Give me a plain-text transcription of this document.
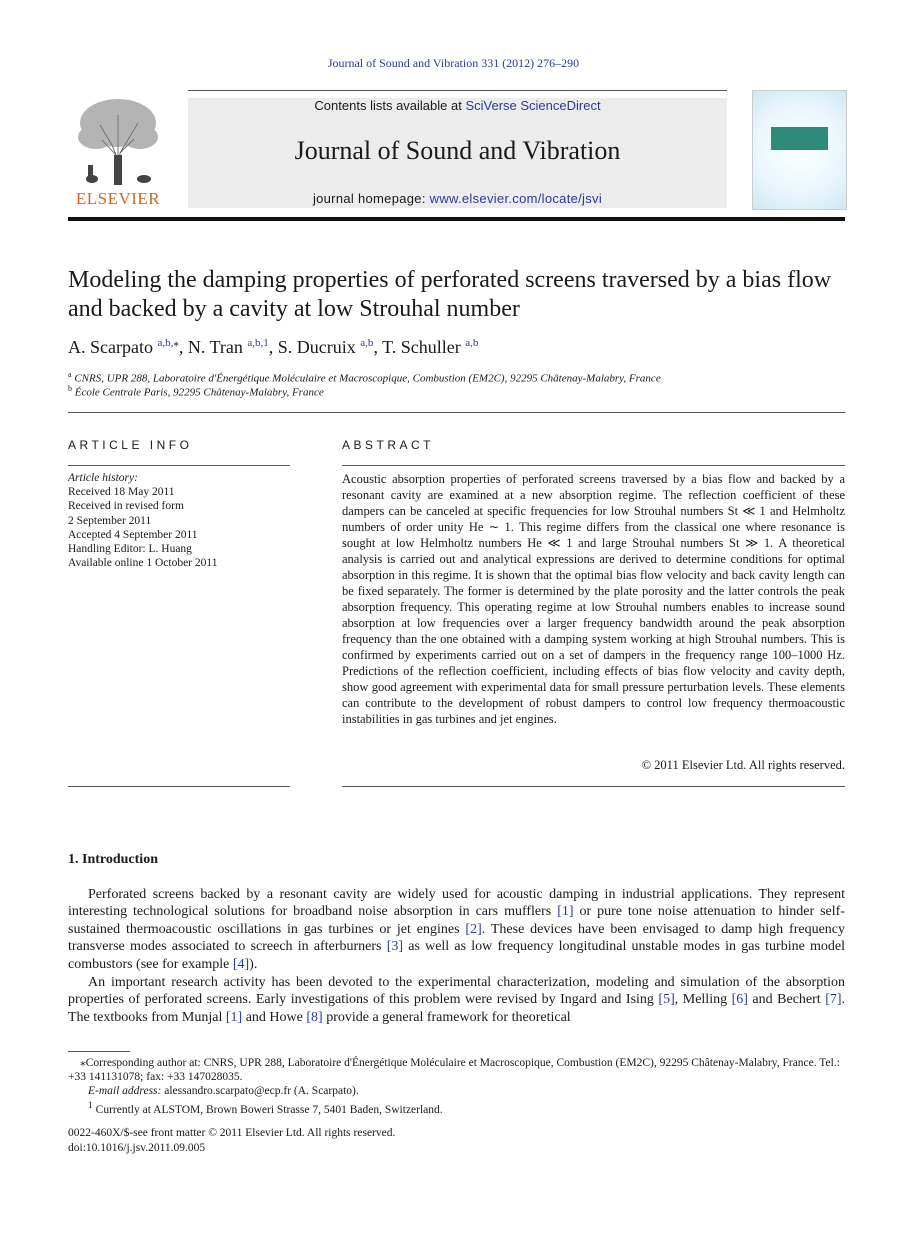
Journal of Sound and Vibration 331 (2012) 276–290
ELSEVIER
Contents lists available at SciVerse ScienceDirect
Journal of Sound and Vibration
journal homepage: www.elsevier.com/locate/jsvi
Modeling the damping properties of perforated screens traversed by a bias flow and backed by a cavity at low Strouhal number
A. Scarpato $^{a,b,⁎}$, N. Tran $^{a,b,1}$, S. Ducruix $^{a,b}$, T. Schuller $^{a,b}$
$^a$ CNRS, UPR 288, Laboratoire d'Énergétique Moléculaire et Macroscopique, Combustion (EM2C), 92295 Châtenay-Malabry, France
$^b$ École Centrale Paris, 92295 Châtenay-Malabry, France
ARTICLE INFO
Article history:
Received 18 May 2011
Received in revised form
2 September 2011
Accepted 4 September 2011
Handling Editor: L. Huang
Available online 1 October 2011
ABSTRACT
Acoustic absorption properties of perforated screens traversed by a bias flow and backed by a resonant cavity are examined at a new absorption regime. The reflection coefficient of these dampers can be canceled at specific frequencies for low Strouhal numbers St ≪ 1 and Helmholtz numbers of order unity He ∼ 1. This regime differs from the classical one where resonance is sought at low Helmholtz numbers He ≪ 1 and large Strouhal numbers St ≫ 1. A theoretical analysis is carried out and analytical expressions are derived to determine conditions for optimal absorption in this regime. It is shown that the optimal bias flow velocity and back cavity length can be fixed separately. The former is determined by the plate porosity and the latter controls the peak absorption frequency. This operating regime at low Strouhal numbers enables to increase sound absorption at low frequencies over a larger frequency bandwidth around the peak absorption frequency than the one obtained with a damping system working at high Strouhal numbers. This is confirmed by experiments carried out on a set of dampers in the frequency range 100–1000 Hz. Predictions of the reflection coefficient, including effects of bias flow velocity and cavity depth, show good agreement with experimental data for small pressure perturbation levels. These elements can contribute to the development of robust dampers to control low frequency thermoacoustic instabilities in gas turbines and jet engines.
© 2011 Elsevier Ltd. All rights reserved.
1. Introduction
Perforated screens backed by a resonant cavity are widely used for acoustic damping in industrial applications. They represent interesting technological solutions for broadband noise absorption in cars mufflers [1] or pure tone noise attenuation to hinder self-sustained thermoacoustic oscillations in gas turbines or jet engines [2]. These devices have been envisaged to damp high frequency transverse modes associated to screech in afterburners [3] as well as low frequency longitudinal unstable modes in gas turbine model combustors (see for example [4]).
An important research activity has been devoted to the experimental characterization, modeling and simulation of the absorption properties of perforated screens. Early investigations of this problem were revised by Ingard and Ising [5], Melling [6] and Bechert [7]. The textbooks from Munjal [1] and Howe [8] provide a general framework for theoretical
⁎Corresponding author at: CNRS, UPR 288, Laboratoire d'Énergétique Moléculaire et Macroscopique, Combustion (EM2C), 92295 Châtenay-Malabry, France. Tel.: +33 141131078; fax: +33 147028035.
E-mail address: alessandro.scarpato@ecp.fr (A. Scarpato).
$^1$ Currently at ALSTOM, Brown Boweri Strasse 7, 5401 Baden, Switzerland.
0022-460X/$-see front matter © 2011 Elsevier Ltd. All rights reserved.
doi:10.1016/j.jsv.2011.09.005
